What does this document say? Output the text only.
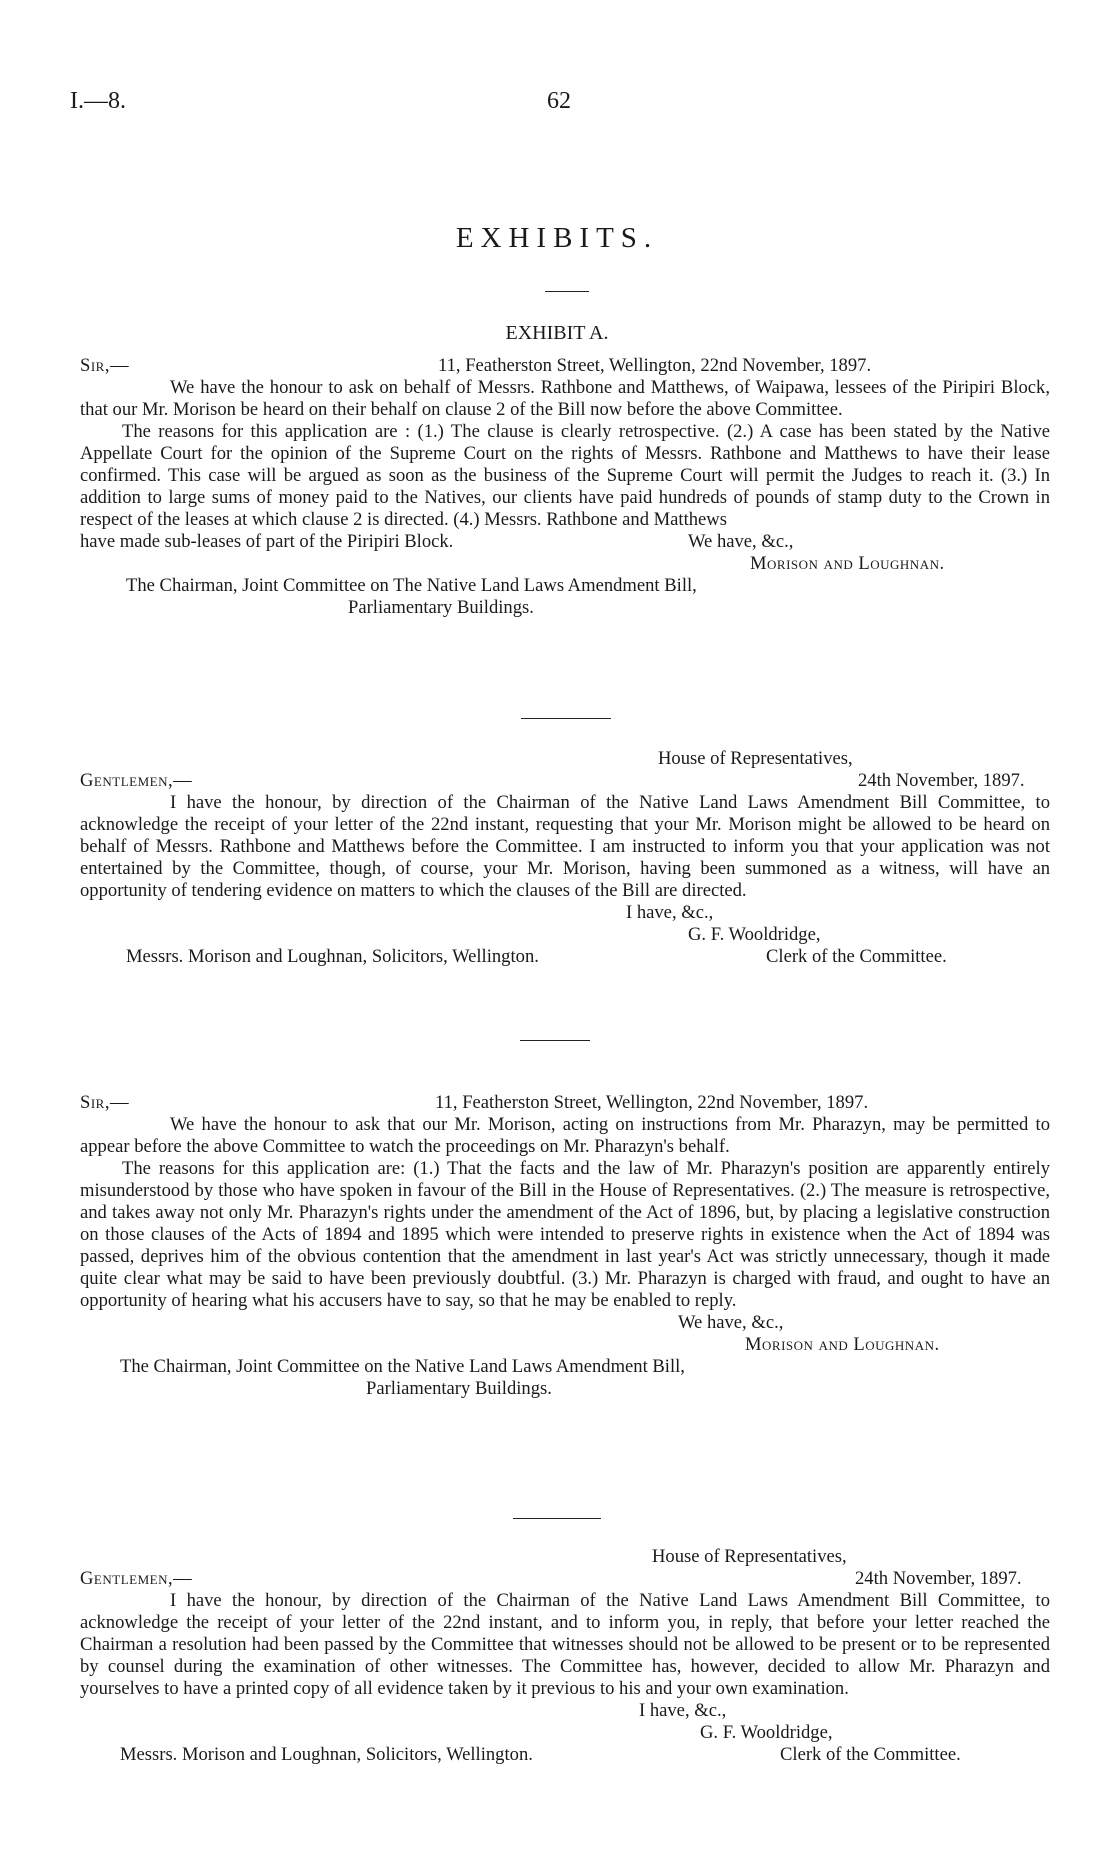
I.—8.	62
EXHIBITS.
EXHIBIT A.
Sir,—	11, Featherston Street, Wellington, 22nd November, 1897.

We have the honour to ask on behalf of Messrs. Rathbone and Matthews, of Waipawa, lessees of the Piripiri Block, that our Mr. Morison be heard on their behalf on clause 2 of the Bill now before the above Committee.

The reasons for this application are : (1.) The clause is clearly retrospective. (2.) A case has been stated by the Native Appellate Court for the opinion of the Supreme Court on the rights of Messrs. Rathbone and Matthews to have their lease confirmed. This case will be argued as soon as the business of the Supreme Court will permit the Judges to reach it. (3.) In addition to large sums of money paid to the Natives, our clients have paid hundreds of pounds of stamp duty to the Crown in respect of the leases at which clause 2 is directed. (4.) Messrs. Rathbone and Matthews

have made sub-leases of part of the Piripiri Block.	We have, &c.,
Morison and Loughnan.
The Chairman, Joint Committee on The Native Land Laws Amendment Bill,
Parliamentary Buildings.
House of Representatives,
Gentlemen,—	24th November, 1897.

I have the honour, by direction of the Chairman of the Native Land Laws Amendment Bill Committee, to acknowledge the receipt of your letter of the 22nd instant, requesting that your Mr. Morison might be allowed to be heard on behalf of Messrs. Rathbone and Matthews before the Committee. I am instructed to inform you that your application was not entertained by the Committee, though, of course, your Mr. Morison, having been summoned as a witness, will have an opportunity of tendering evidence on matters to which the clauses of the Bill are directed.

I have, &c.,
G. F. Wooldridge,
Messrs. Morison and Loughnan, Solicitors, Wellington.	Clerk of the Committee.
Sir,—	11, Featherston Street, Wellington, 22nd November, 1897.

We have the honour to ask that our Mr. Morison, acting on instructions from Mr. Pharazyn, may be permitted to appear before the above Committee to watch the proceedings on Mr. Pharazyn's behalf.

The reasons for this application are: (1.) That the facts and the law of Mr. Pharazyn's position are apparently entirely misunderstood by those who have spoken in favour of the Bill in the House of Representatives. (2.) The measure is retrospective, and takes away not only Mr. Pharazyn's rights under the amendment of the Act of 1896, but, by placing a legislative construction on those clauses of the Acts of 1894 and 1895 which were intended to preserve rights in existence when the Act of 1894 was passed, deprives him of the obvious contention that the amendment in last year's Act was strictly unnecessary, though it made quite clear what may be said to have been previously doubtful. (3.) Mr. Pharazyn is charged with fraud, and ought to have an opportunity of hearing what his accusers have to say, so that he may be enabled to reply.

We have, &c.,
Morison and Loughnan.
The Chairman, Joint Committee on the Native Land Laws Amendment Bill,
Parliamentary Buildings.
House of Representatives,
Gentlemen,—	24th November, 1897.

I have the honour, by direction of the Chairman of the Native Land Laws Amendment Bill Committee, to acknowledge the receipt of your letter of the 22nd instant, and to inform you, in reply, that before your letter reached the Chairman a resolution had been passed by the Committee that witnesses should not be allowed to be present or to be represented by counsel during the examination of other witnesses. The Committee has, however, decided to allow Mr. Pharazyn and yourselves to have a printed copy of all evidence taken by it previous to his and your own examination.

I have, &c.,
G. F. Wooldridge,
Messrs. Morison and Loughnan, Solicitors, Wellington.	Clerk of the Committee.
